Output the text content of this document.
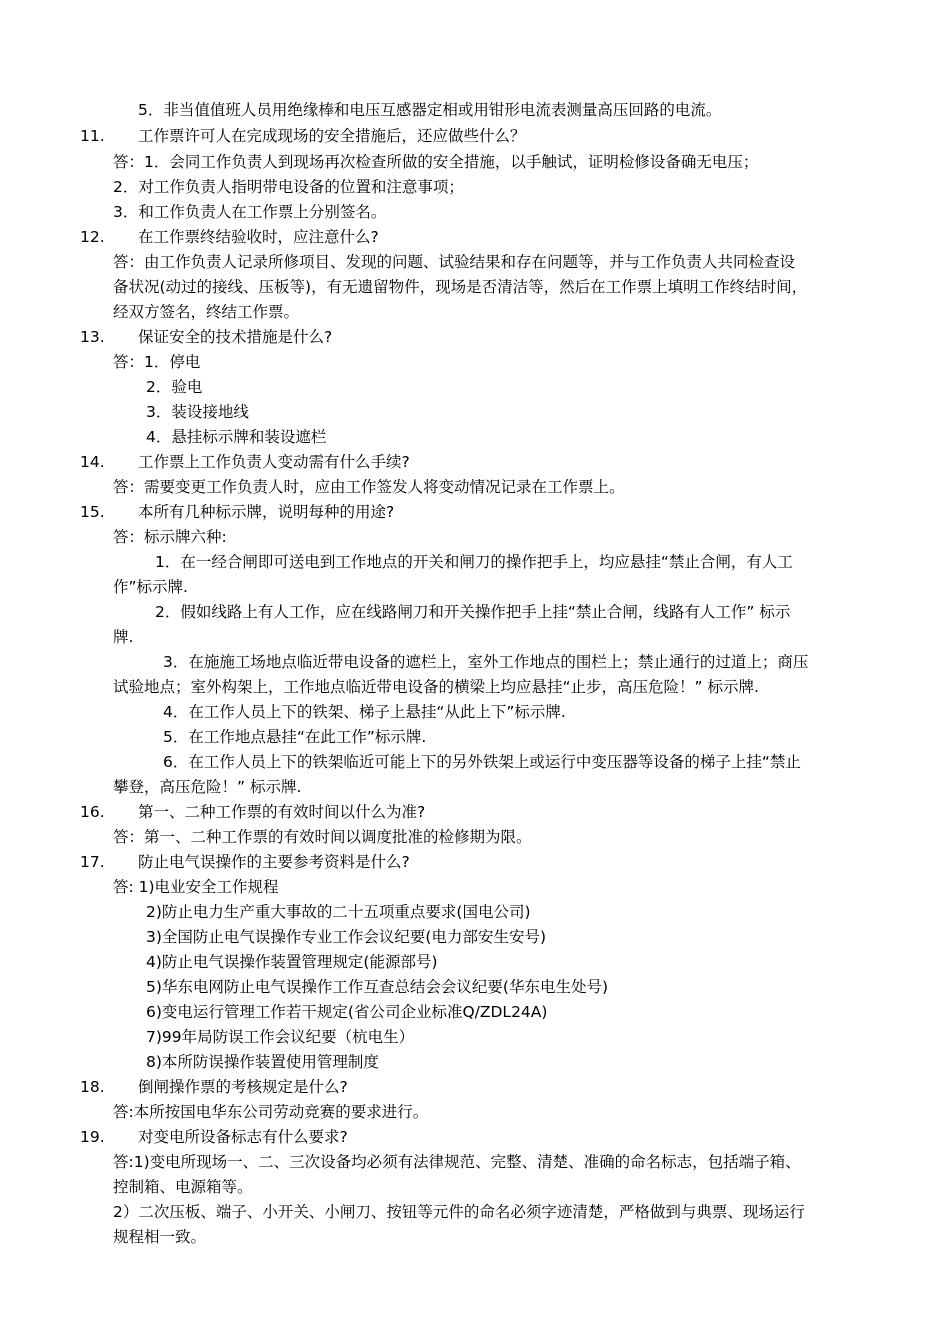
5．非当值值班人员用绝缘棒和电压互感器定相或用钳形电流表测量高压回路的电流。
11. 工作票许可人在完成现场的安全措施后，还应做些什么？
答：1．会同工作负责人到现场再次检查所做的安全措施，以手触试，证明检修设备确无电压；
2．对工作负责人指明带电设备的位置和注意事项；
3．和工作负责人在工作票上分别签名。
12. 在工作票终结验收时，应注意什么?
答：由工作负责人记录所修项目、发现的问题、试验结果和存在问题等，并与工作负责人共同检查设
备状况(动过的接线、压板等)，有无遗留物件，现场是否清洁等，然后在工作票上填明工作终结时间，
经双方签名，终结工作票。
13. 保证安全的技术措施是什么?
答：1．停电
2．验电
3．装设接地线
4．悬挂标示牌和装设遮栏
14. 工作票上工作负责人变动需有什么手续?
答：需要变更工作负责人时，应由工作签发人将变动情况记录在工作票上。
15. 本所有几种标示牌，说明每种的用途?
答：标示牌六种:
1．在一经合闸即可送电到工作地点的开关和闸刀的操作把手上，均应悬挂“禁止合闸，有人工
作”标示牌.
2．假如线路上有人工作，应在线路闸刀和开关操作把手上挂“禁止合闸，线路有人工作” 标示
牌.
3．在施施工场地点临近带电设备的遮栏上，室外工作地点的围栏上；禁止通行的过道上；商压
试验地点；室外构架上，工作地点临近带电设备的横梁上均应悬挂“止步，高压危险！” 标示牌.
4．在工作人员上下的铁架、梯子上悬挂“从此上下”标示牌.
5．在工作地点悬挂“在此工作”标示牌.
6．在工作人员上下的铁架临近可能上下的另外铁架上或运行中变压器等设备的梯子上挂“禁止
攀登，高压危险！” 标示牌.
16. 第一、二种工作票的有效时间以什么为准?
答：第一、二种工作票的有效时间以调度批准的检修期为限。
17. 防止电气误操作的主要参考资料是什么?
答: 1)电业安全工作规程
2)防止电力生产重大事故的二十五项重点要求(国电公司)
3)全国防止电气误操作专业工作会议纪要(电力部安生安号)
4)防止电气误操作装置管理规定(能源部号)
5)华东电网防止电气误操作工作互查总结会会议纪要(华东电生处号)
6)变电运行管理工作若干规定(省公司企业标准Q/ZDL24A)
7)99年局防误工作会议纪要（杭电生）
8)本所防误操作装置使用管理制度
18. 倒闸操作票的考核规定是什么?
答:本所按国电华东公司劳动竞赛的要求进行。
19. 对变电所设备标志有什么要求?
答:1)变电所现场一、二、三次设备均必须有法律规范、完整、清楚、准确的命名标志，包括端子箱、
控制箱、电源箱等。
2）二次压板、端子、小开关、小闸刀、按钮等元件的命名必须字迹清楚，严格做到与典票、现场运行
规程相一致。
